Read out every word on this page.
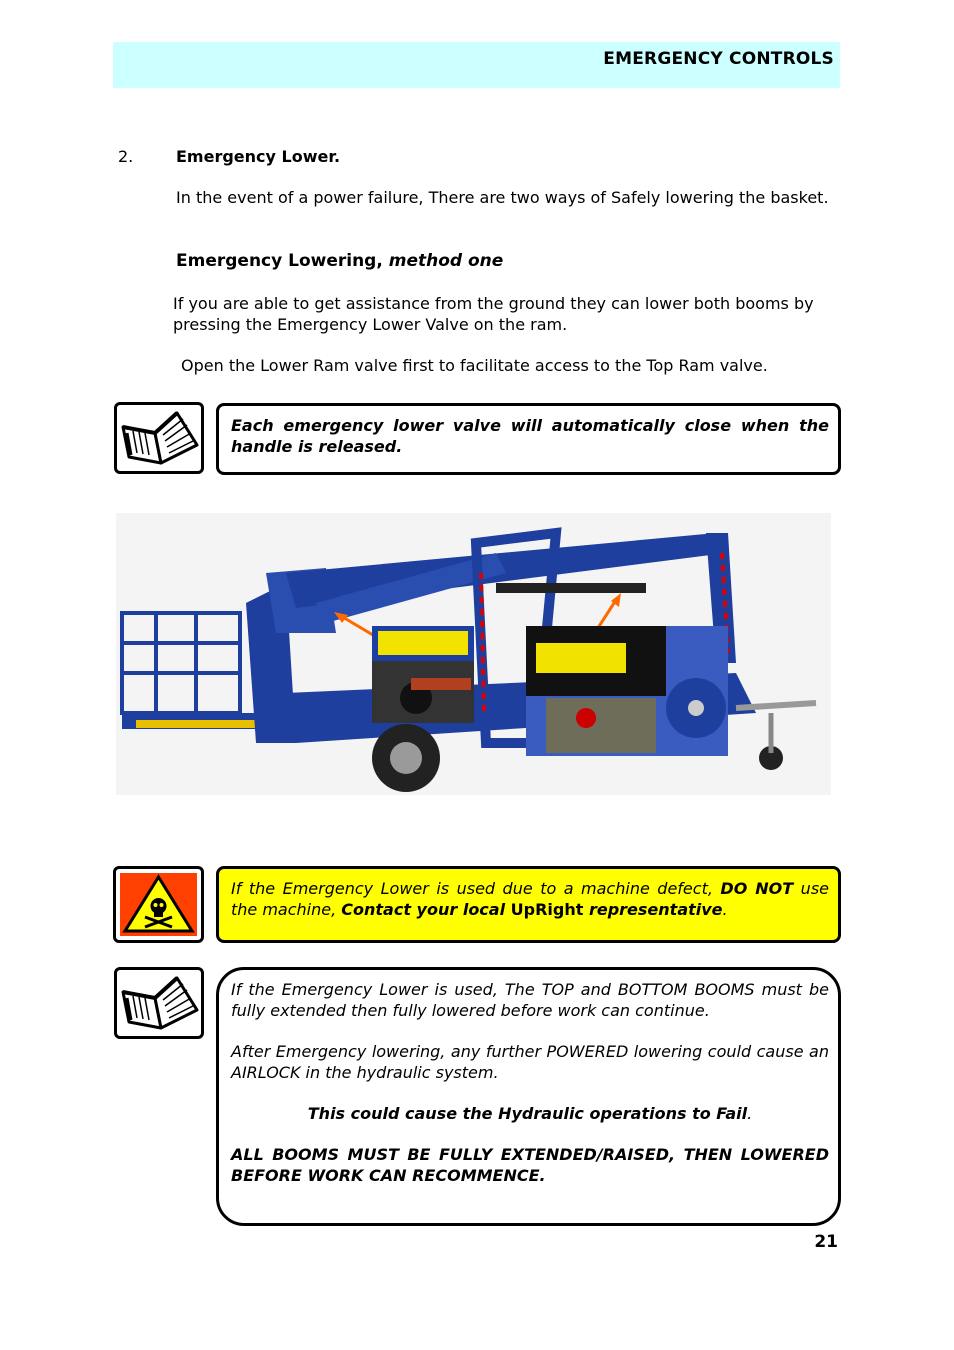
EMERGENCY CONTROLS
2.	Emergency Lower.
In the event of a power failure, There are two ways of Safely lowering the basket.
Emergency Lowering, method one
If you are able to get assistance from the ground they can lower both booms by pressing the Emergency Lower Valve on the ram.
Open the Lower Ram valve first to facilitate access to the Top Ram valve.
Each emergency lower valve will automatically close when the handle is released.
If the Emergency Lower is used due to a machine defect, DO NOT use the machine, Contact your local UpRight representative.
If the Emergency Lower is used, The TOP and BOTTOM BOOMS must be fully extended then fully lowered before work can continue.
After Emergency lowering, any further POWERED lowering could cause an AIRLOCK in the hydraulic system.
This could cause the Hydraulic operations to Fail.
ALL BOOMS MUST BE FULLY EXTENDED/RAISED, THEN LOWERED BEFORE WORK CAN RECOMMENCE.
21
